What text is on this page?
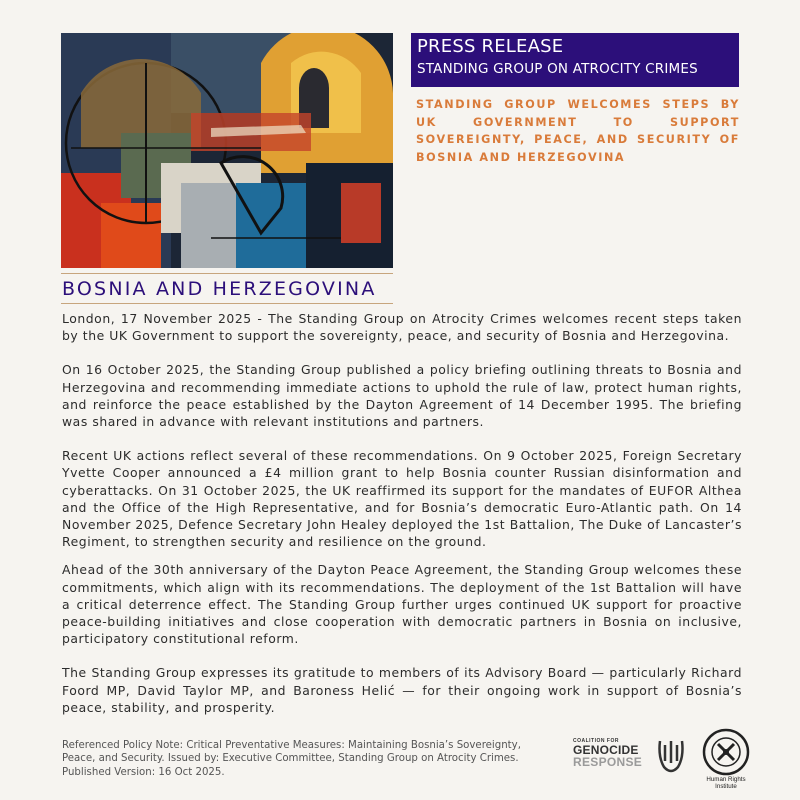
PRESS RELEASE
STANDING GROUP ON ATROCITY CRIMES
STANDING GROUP WELCOMES STEPS BY UK GOVERNMENT TO SUPPORT SOVEREIGNTY, PEACE, AND SECURITY OF BOSNIA AND HERZEGOVINA
BOSNIA AND HERZEGOVINA

London, 17 November 2025 - The Standing Group on Atrocity Crimes welcomes recent steps taken by the UK Government to support the sovereignty, peace, and security of Bosnia and Herzegovina.

On 16 October 2025, the Standing Group published a policy briefing outlining threats to Bosnia and Herzegovina and recommending immediate actions to uphold the rule of law, protect human rights, and reinforce the peace established by the Dayton Agreement of 14 December 1995. The briefing was shared in advance with relevant institutions and partners.

Recent UK actions reflect several of these recommendations. On 9 October 2025, Foreign Secretary Yvette Cooper announced a £4 million grant to help Bosnia counter Russian disinformation and cyberattacks. On 31 October 2025, the UK reaffirmed its support for the mandates of EUFOR Althea and the Office of the High Representative, and for Bosnia’s democratic Euro-Atlantic path. On 14 November 2025, Defence Secretary John Healey deployed the 1st Battalion, The Duke of Lancaster’s Regiment, to strengthen security and resilience on the ground.

Ahead of the 30th anniversary of the Dayton Peace Agreement, the Standing Group welcomes these commitments, which align with its recommendations. The deployment of the 1st Battalion will have a critical deterrence effect. The Standing Group further urges continued UK support for proactive peace-building initiatives and close cooperation with democratic partners in Bosnia on inclusive, participatory constitutional reform.

The Standing Group expresses its gratitude to members of its Advisory Board — particularly Richard Foord MP, David Taylor MP, and Baroness Helić — for their ongoing work in support of Bosnia’s peace, stability, and prosperity.

Referenced Policy Note: Critical Preventative Measures: Maintaining Bosnia’s Sovereignty, Peace, and Security. Issued by: Executive Committee, Standing Group on Atrocity Crimes. Published Version: 16 Oct 2025.
COALITION FOR
GENOCIDE
RESPONSE
Human Rights Institute
